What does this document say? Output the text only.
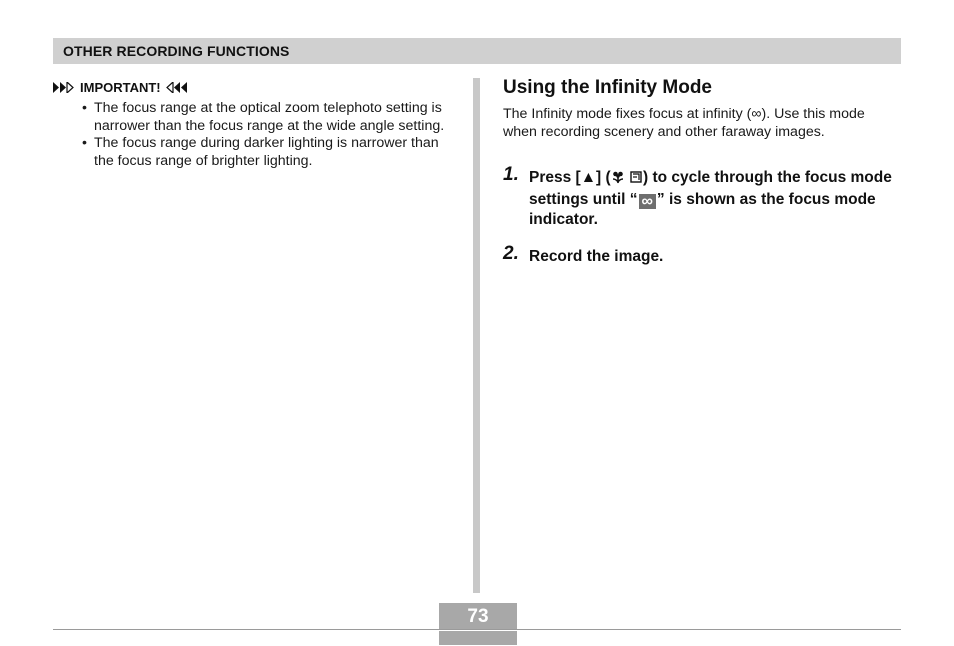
OTHER RECORDING FUNCTIONS
IMPORTANT!
• The focus range at the optical zoom telephoto setting is narrower than the focus range at the wide angle setting.
• The focus range during darker lighting is narrower than the focus range of brighter lighting.
Using the Infinity Mode
The Infinity mode fixes focus at infinity (∞). Use this mode when recording scenery and other faraway images.
1. Press [▲] ( ) to cycle through the focus mode settings until “ ∞ ” is shown as the focus mode indicator.
2. Record the image.
73
